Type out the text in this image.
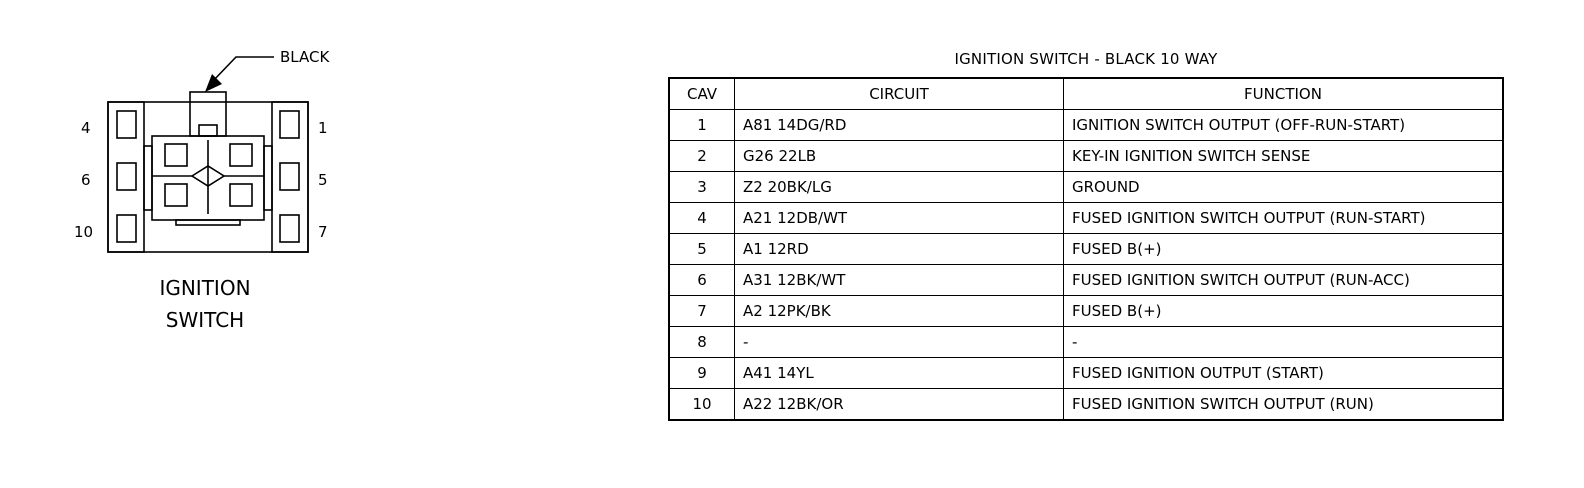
BLACK
4
6
10
1
5
7
IGNITION
SWITCH
IGNITION SWITCH - BLACK 10 WAY
CAV	CIRCUIT	FUNCTION
1	A81 14DG/RD	IGNITION SWITCH OUTPUT (OFF-RUN-START)
2	G26 22LB	KEY-IN IGNITION SWITCH SENSE
3	Z2 20BK/LG	GROUND
4	A21 12DB/WT	FUSED IGNITION SWITCH OUTPUT (RUN-START)
5	A1 12RD	FUSED B(+)
6	A31 12BK/WT	FUSED IGNITION SWITCH OUTPUT (RUN-ACC)
7	A2 12PK/BK	FUSED B(+)
8	-	-
9	A41 14YL	FUSED IGNITION OUTPUT (START)
10	A22 12BK/OR	FUSED IGNITION SWITCH OUTPUT (RUN)
